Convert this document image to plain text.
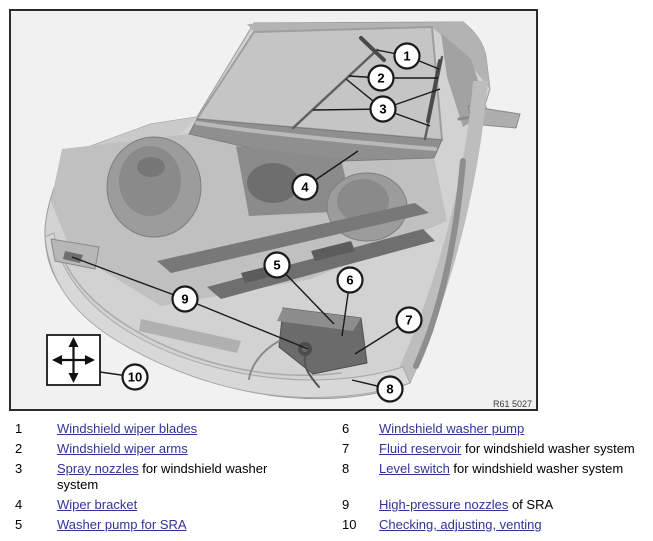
1
2
3
4
5
6
7
8
9
10
R61 5027
1	Windshield wiper blades
2	Windshield wiper arms
3	Spray nozzles for windshield washer system
4	Wiper bracket
5	Washer pump for SRA
6	Windshield washer pump
7	Fluid reservoir for windshield washer system
8	Level switch for windshield washer system
9	High-pressure nozzles of SRA
10	Checking, adjusting, venting
